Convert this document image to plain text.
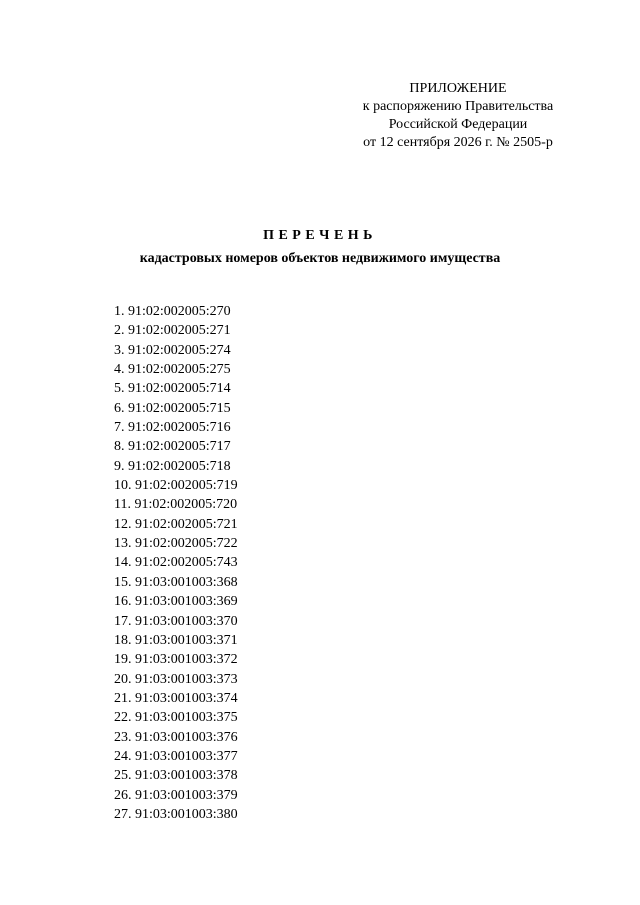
ПРИЛОЖЕНИЕ
к распоряжению Правительства
Российской Федерации
от 12 сентября 2026 г. № 2505-р
ПЕРЕЧЕНЬ
кадастровых номеров объектов недвижимого имущества
1. 91:02:002005:270
2. 91:02:002005:271
3. 91:02:002005:274
4. 91:02:002005:275
5. 91:02:002005:714
6. 91:02:002005:715
7. 91:02:002005:716
8. 91:02:002005:717
9. 91:02:002005:718
10. 91:02:002005:719
11. 91:02:002005:720
12. 91:02:002005:721
13. 91:02:002005:722
14. 91:02:002005:743
15. 91:03:001003:368
16. 91:03:001003:369
17. 91:03:001003:370
18. 91:03:001003:371
19. 91:03:001003:372
20. 91:03:001003:373
21. 91:03:001003:374
22. 91:03:001003:375
23. 91:03:001003:376
24. 91:03:001003:377
25. 91:03:001003:378
26. 91:03:001003:379
27. 91:03:001003:380
